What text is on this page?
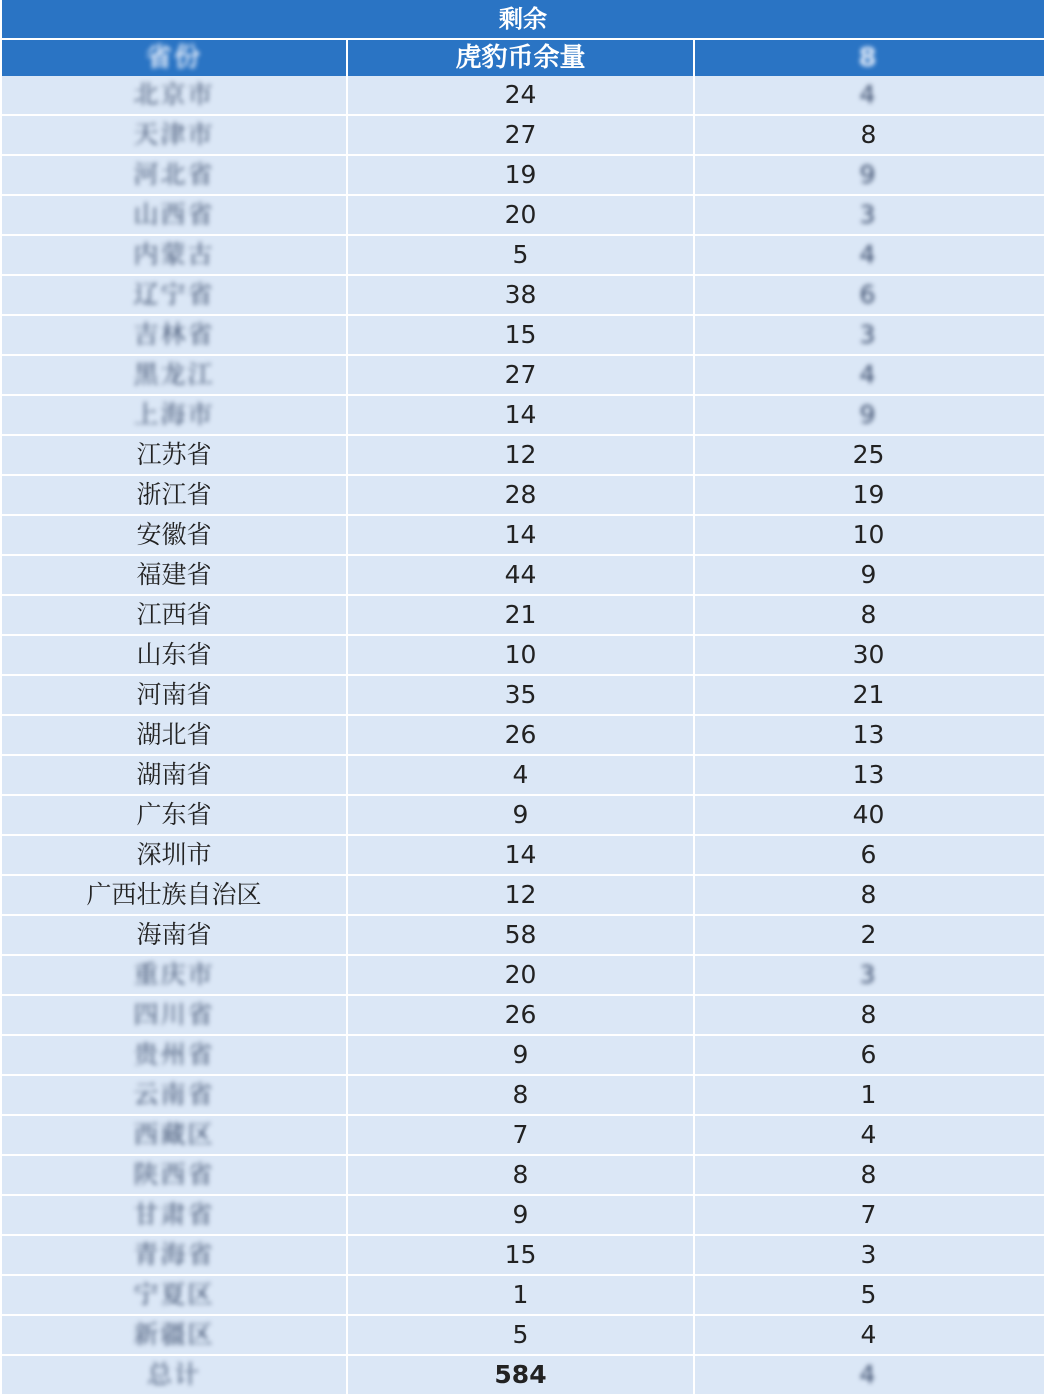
剩余
省份	虎豹币余量	8
北京市	24	4
天津市	27	8
河北省	19	9
山西省	20	3
内蒙古	5	4
辽宁省	38	6
吉林省	15	3
黑龙江	27	4
上海市	14	9
江苏省	12	25
浙江省	28	19
安徽省	14	10
福建省	44	9
江西省	21	8
山东省	10	30
河南省	35	21
湖北省	26	13
湖南省	4	13
广东省	9	40
深圳市	14	6
广西壮族自治区	12	8
海南省	58	2
重庆市	20	3
四川省	26	8
贵州省	9	6
云南省	8	1
西藏区	7	4
陕西省	8	8
甘肃省	9	7
青海省	15	3
宁夏区	1	5
新疆区	5	4
总计	584	4
